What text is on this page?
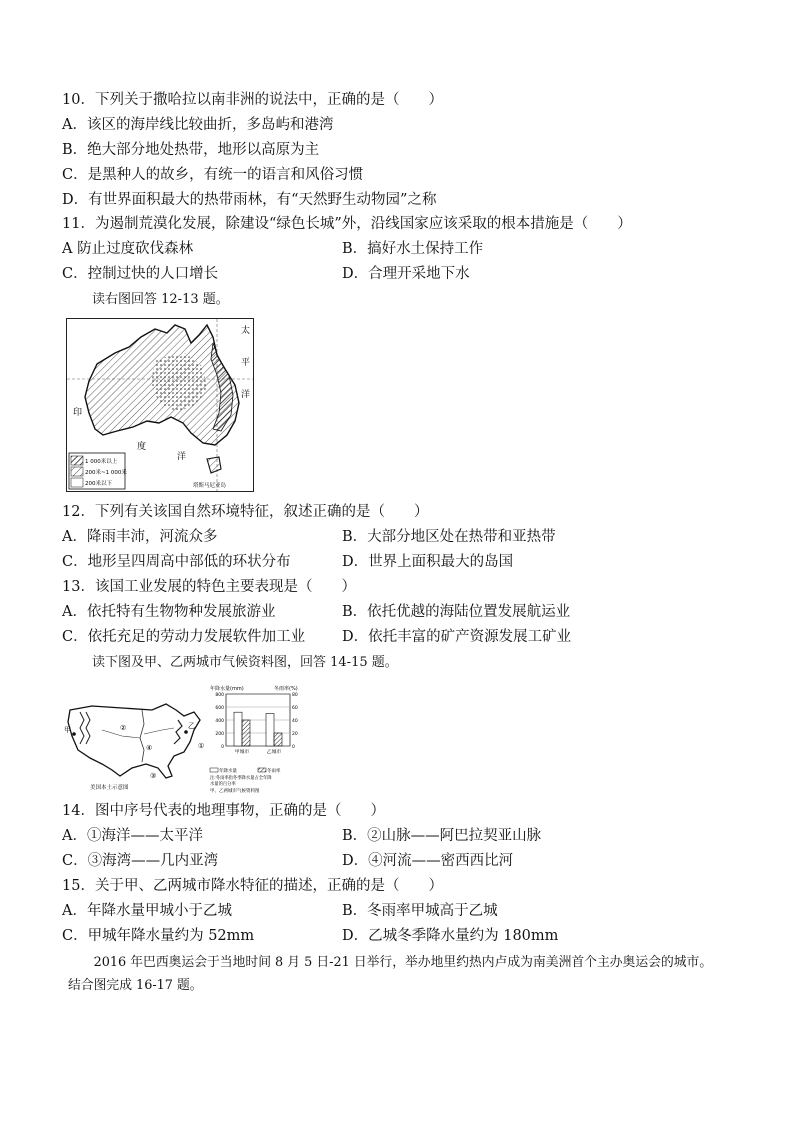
10．下列关于撒哈拉以南非洲的说法中，正确的是（　　）
A．该区的海岸线比较曲折，多岛屿和港湾
B．绝大部分地处热带，地形以高原为主
C．是黑种人的故乡，有统一的语言和风俗习惯
D．有世界面积最大的热带雨林，有“天然野生动物园”之称
11．为遏制荒漠化发展，除建设“绿色长城”外，沿线国家应该采取的根本措施是（　　）
A 防止过度砍伐森林	B．搞好水土保持工作
C．控制过快的人口增长	D．合理开采地下水
读右图回答 12-13 题。
1 000米以上
200米~1 000米
200米以下
太
平
洋
印
度
洋
塔斯马尼亚岛
12．下列有关该国自然环境特征，叙述正确的是（　　）
A．降雨丰沛，河流众多	B．大部分地区处在热带和亚热带
C．地形呈四周高中部低的环状分布	D．世界上面积最大的岛国
13．该国工业发展的特色主要表现是（　　）
A．依托特有生物物种发展旅游业	B．依托优越的海陆位置发展航运业
C．依托充足的劳动力发展软件加工业	D．依托丰富的矿产资源发展工矿业
读下图及甲、乙两城市气候资料图，回答 14-15 题。
甲	乙
①
②
③
④
美国本土示意图
年降水量(mm)	冬雨率(%)
800	80
600	60
400	40
200	20
0	0
甲城市	乙城市
年降水量	冬雨率
注:冬雨率指冬季降水量占全年降
水量的百分率
甲、乙两城市气候资料图
14．图中序号代表的地理事物，正确的是（　　）
A．①海洋——太平洋	B．②山脉——阿巴拉契亚山脉
C．③海湾——几内亚湾	D．④河流——密西西比河
15．关于甲、乙两城市降水特征的描述，正确的是（　　）
A．年降水量甲城小于乙城	B．冬雨率甲城高于乙城
C．甲城年降水量约为 52mm	D．乙城冬季降水量约为 180mm
　　2016 年巴西奥运会于当地时间 8 月 5 日-21 日举行，举办地里约热内卢成为南美洲首个主办奥运会的城市。
结合图完成 16-17 题。
